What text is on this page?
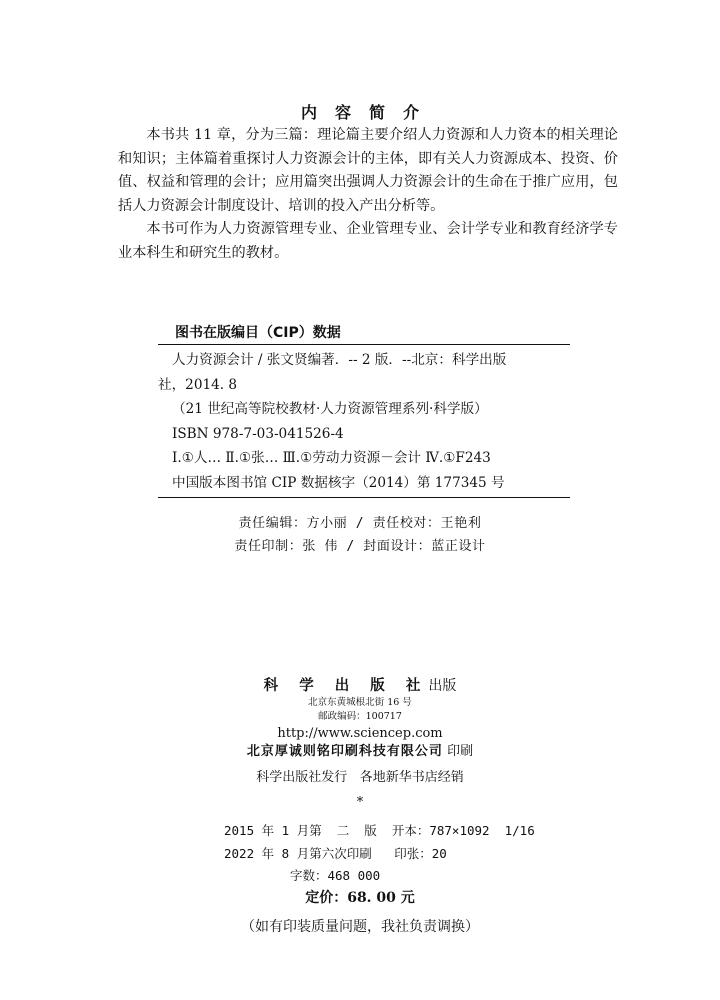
内容简介

本书共 11 章，分为三篇：理论篇主要介绍人力资源和人力资本的相关理论和知识；主体篇着重探讨人力资源会计的主体，即有关人力资源成本、投资、价值、权益和管理的会计；应用篇突出强调人力资源会计的生命在于推广应用，包括人力资源会计制度设计、培训的投入产出分析等。

本书可作为人力资源管理专业、企业管理专业、会计学专业和教育经济学专业本科生和研究生的教材。

图书在版编目（CIP）数据
人力资源会计 / 张文贤编著．-- 2 版．--北京：科学出版
社，2014. 8
（21 世纪高等院校教材·人力资源管理系列·科学版）
ISBN 978-7-03-041526-4
Ⅰ.①人… Ⅱ.①张… Ⅲ.①劳动力资源－会计 Ⅳ.①F243
中国版本图书馆 CIP 数据核字（2014）第 177345 号
责任编辑：方小丽 / 责任校对：王艳利
责任印制：张 伟 / 封面设计：蓝正设计
科 学 出 版 社出版
北京东黄城根北街 16 号
邮政编码：100717
http://www.sciencep.com
北京厚诚则铭印刷科技有限公司 印刷
科学出版社发行   各地新华书店经销
*
2015 年 1 月第  二  版  开本：787×1092  1/16
2022 年 8 月第六次印刷   印张：20
字数：468 000
定价：68. 00 元
（如有印装质量问题，我社负责调换）
